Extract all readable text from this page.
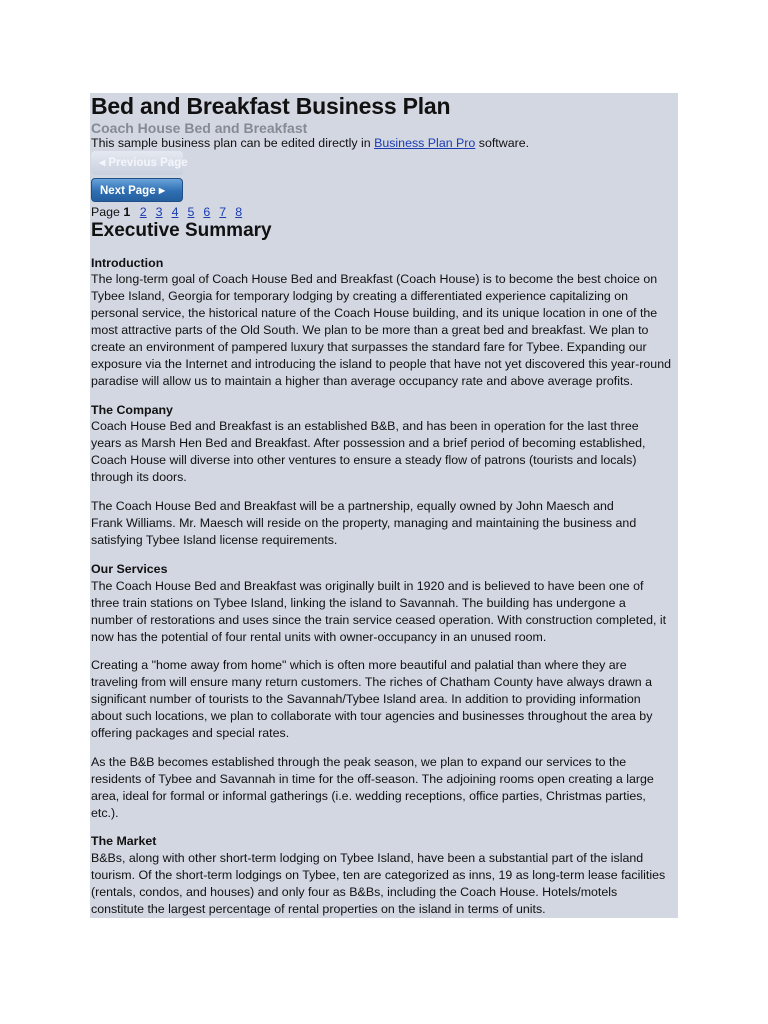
Bed and Breakfast Business Plan
Coach House Bed and Breakfast
This sample business plan can be edited directly in Business Plan Pro software.
◀ Previous Page
Next Page ▶
Page 1 2 3 4 5 6 7 8
Executive Summary
Introduction
The long-term goal of Coach House Bed and Breakfast (Coach House) is to become the best choice on
Tybee Island, Georgia for temporary lodging by creating a differentiated experience capitalizing on
personal service, the historical nature of the Coach House building, and its unique location in one of the
most attractive parts of the Old South. We plan to be more than a great bed and breakfast. We plan to
create an environment of pampered luxury that surpasses the standard fare for Tybee. Expanding our
exposure via the Internet and introducing the island to people that have not yet discovered this year-round
paradise will allow us to maintain a higher than average occupancy rate and above average profits.
The Company
Coach House Bed and Breakfast is an established B&B, and has been in operation for the last three
years as Marsh Hen Bed and Breakfast. After possession and a brief period of becoming established,
Coach House will diverse into other ventures to ensure a steady flow of patrons (tourists and locals)
through its doors.
The Coach House Bed and Breakfast will be a partnership, equally owned by John Maesch and
Frank Williams. Mr. Maesch will reside on the property, managing and maintaining the business and
satisfying Tybee Island license requirements.
Our Services
The Coach House Bed and Breakfast was originally built in 1920 and is believed to have been one of
three train stations on Tybee Island, linking the island to Savannah. The building has undergone a
number of restorations and uses since the train service ceased operation. With construction completed, it
now has the potential of four rental units with owner-occupancy in an unused room.
Creating a "home away from home" which is often more beautiful and palatial than where they are
traveling from will ensure many return customers. The riches of Chatham County have always drawn a
significant number of tourists to the Savannah/Tybee Island area. In addition to providing information
about such locations, we plan to collaborate with tour agencies and businesses throughout the area by
offering packages and special rates.
As the B&B becomes established through the peak season, we plan to expand our services to the
residents of Tybee and Savannah in time for the off-season. The adjoining rooms open creating a large
area, ideal for formal or informal gatherings (i.e. wedding receptions, office parties, Christmas parties,
etc.).
The Market
B&Bs, along with other short-term lodging on Tybee Island, have been a substantial part of the island
tourism. Of the short-term lodgings on Tybee, ten are categorized as inns, 19 as long-term lease facilities
(rentals, condos, and houses) and only four as B&Bs, including the Coach House. Hotels/motels
constitute the largest percentage of rental properties on the island in terms of units.
